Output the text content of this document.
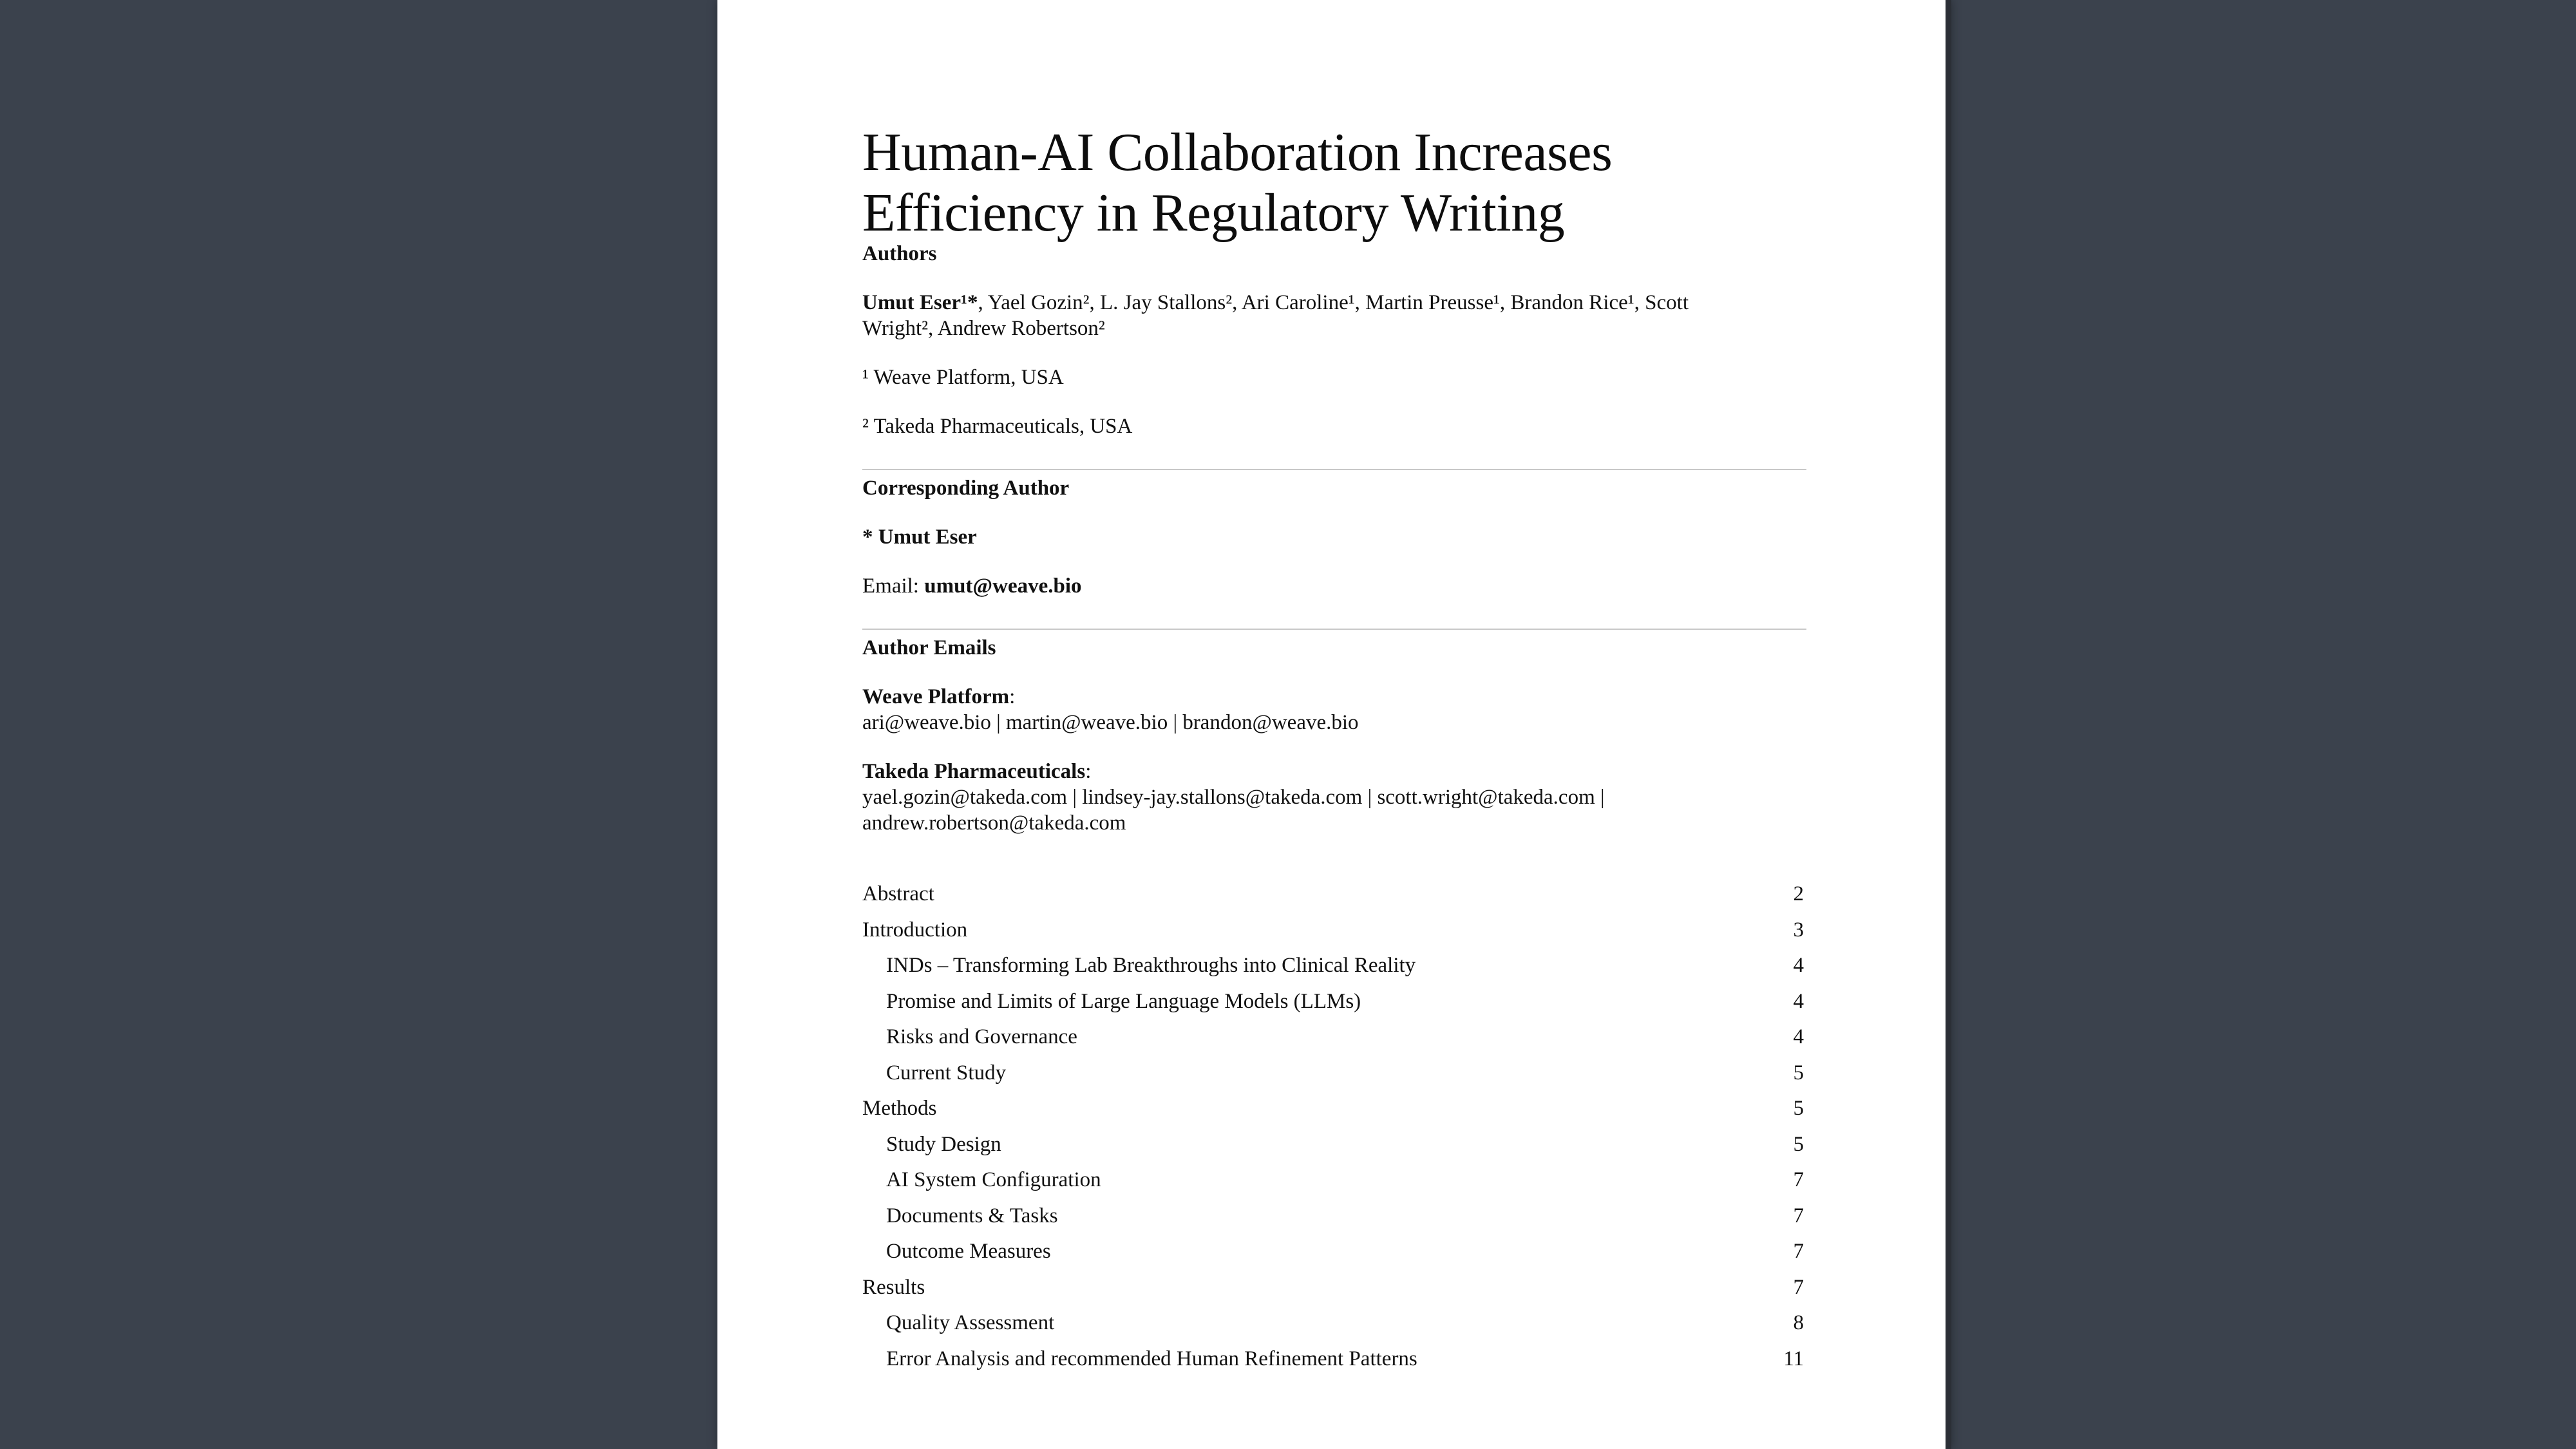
Human-AI Collaboration Increases
Efficiency in Regulatory Writing
Authors
Umut Eser¹*, Yael Gozin², L. Jay Stallons², Ari Caroline¹, Martin Preusse¹, Brandon Rice¹, Scott
Wright², Andrew Robertson²
¹ Weave Platform, USA
² Takeda Pharmaceuticals, USA
Corresponding Author
* Umut Eser
Email: umut@weave.bio
Author Emails
Weave Platform:
ari@weave.bio | martin@weave.bio | brandon@weave.bio
Takeda Pharmaceuticals:
yael.gozin@takeda.com | lindsey-jay.stallons@takeda.com | scott.wright@takeda.com |
andrew.robertson@takeda.com
Abstract	2
Introduction	3
INDs – Transforming Lab Breakthroughs into Clinical Reality	4
Promise and Limits of Large Language Models (LLMs)	4
Risks and Governance	4
Current Study	5
Methods	5
Study Design	5
AI System Configuration	7
Documents & Tasks	7
Outcome Measures	7
Results	7
Quality Assessment	8
Error Analysis and recommended Human Refinement Patterns	11
